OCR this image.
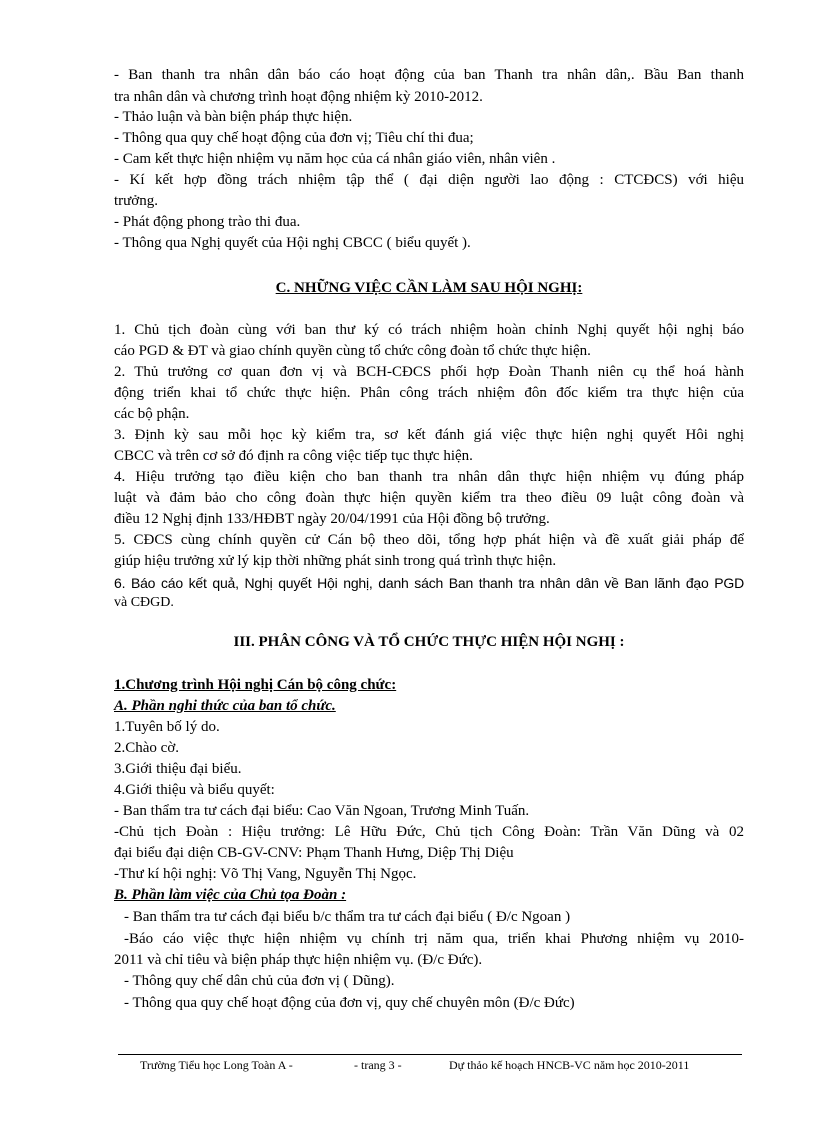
- Ban thanh tra nhân dân báo cáo hoạt động của ban Thanh tra nhân dân,. Bầu Ban thanh
tra nhân dân và chương trình hoạt động nhiệm kỳ 2010-2012.
- Thảo luận và bàn biện pháp thực hiện.
- Thông qua quy chế hoạt động của đơn vị; Tiêu chí thi đua;
- Cam kết thực hiện nhiệm vụ năm học của cá nhân giáo viên, nhân viên .
- Kí kết hợp đồng trách nhiệm tập thể ( đại diện người lao động : CTCĐCS) với hiệu
trưởng.
- Phát động phong trào thi đua.
- Thông qua Nghị quyết của Hội nghị CBCC ( biểu quyết ).
C. NHỮNG VIỆC CẦN LÀM SAU HỘI NGHỊ:
1. Chủ tịch đoàn cùng với ban thư ký có trách nhiệm hoàn chỉnh Nghị quyết hội nghị báo
cáo PGD & ĐT và giao chính quyền cùng tổ chức công đoàn tổ chức thực hiện.
2. Thủ trưởng cơ quan đơn vị và BCH-CĐCS phối hợp Đoàn Thanh niên cụ thể hoá hành
động triển khai tổ chức thực hiện. Phân công trách nhiệm đôn đốc kiểm tra thực hiện của
các bộ phận.
3. Định kỳ sau mỗi học kỳ kiểm tra, sơ kết đánh giá việc thực hiện nghị quyết Hôi nghị
CBCC và trên cơ sở đó định ra công việc tiếp tục thực hiện.
4. Hiệu trưởng tạo điều kiện cho ban thanh tra nhân dân thực hiện nhiệm vụ đúng pháp
luật và đảm bảo cho công đoàn thực hiện quyền kiểm tra theo điều 09 luật công đoàn và
điều 12 Nghị định 133/HĐBT ngày 20/04/1991 của Hội đồng bộ trưởng.
5. CĐCS cùng chính quyền cử Cán bộ theo dõi, tổng hợp phát hiện và đề xuất giải pháp để
giúp hiệu trưởng xử lý kịp thời những phát sinh trong quá trình thực hiện.
6. Báo cáo kết quả, Nghị quyết Hội nghị, danh sách Ban thanh tra nhân dân về Ban lãnh đạo PGD
và CĐGD.
III. PHÂN CÔNG VÀ TỔ CHỨC THỰC HIỆN HỘI NGHỊ :
1.Chương trình Hội nghị Cán bộ công chức:
A. Phần nghi thức của ban tổ chức.
1.Tuyên bố lý do.
2.Chào cờ.
3.Giới thiệu đại biểu.
4.Giới thiệu và biểu quyết:
- Ban thẩm tra tư cách đại biểu: Cao Văn Ngoan, Trương Minh Tuấn.
-Chủ tịch Đoàn : Hiệu trưởng: Lê Hữu Đức, Chủ tịch Công Đoàn: Trần Văn Dũng và 02
đại biểu đại diện CB-GV-CNV: Phạm Thanh Hưng, Diệp Thị Diệu
-Thư kí hội nghị: Võ Thị Vang, Nguyễn Thị Ngọc.
B. Phần làm việc của Chủ tọa Đoàn :
- Ban thẩm tra tư cách đại biểu b/c thẩm tra tư cách đại biểu ( Đ/c Ngoan )
-Báo cáo việc thực hiện nhiệm vụ chính trị năm qua, triển khai Phương nhiệm vụ 2010-
2011 và chỉ tiêu và biện pháp thực hiện nhiệm vụ. (Đ/c Đức).
- Thông quy chế dân chủ của đơn vị ( Dũng).
- Thông qua quy chế hoạt động của đơn vị, quy chế chuyên môn (Đ/c Đức)
Trường Tiểu học Long Toàn A -	- trang 3 -	Dự thảo kế hoạch HNCB-VC năm học 2010-2011
